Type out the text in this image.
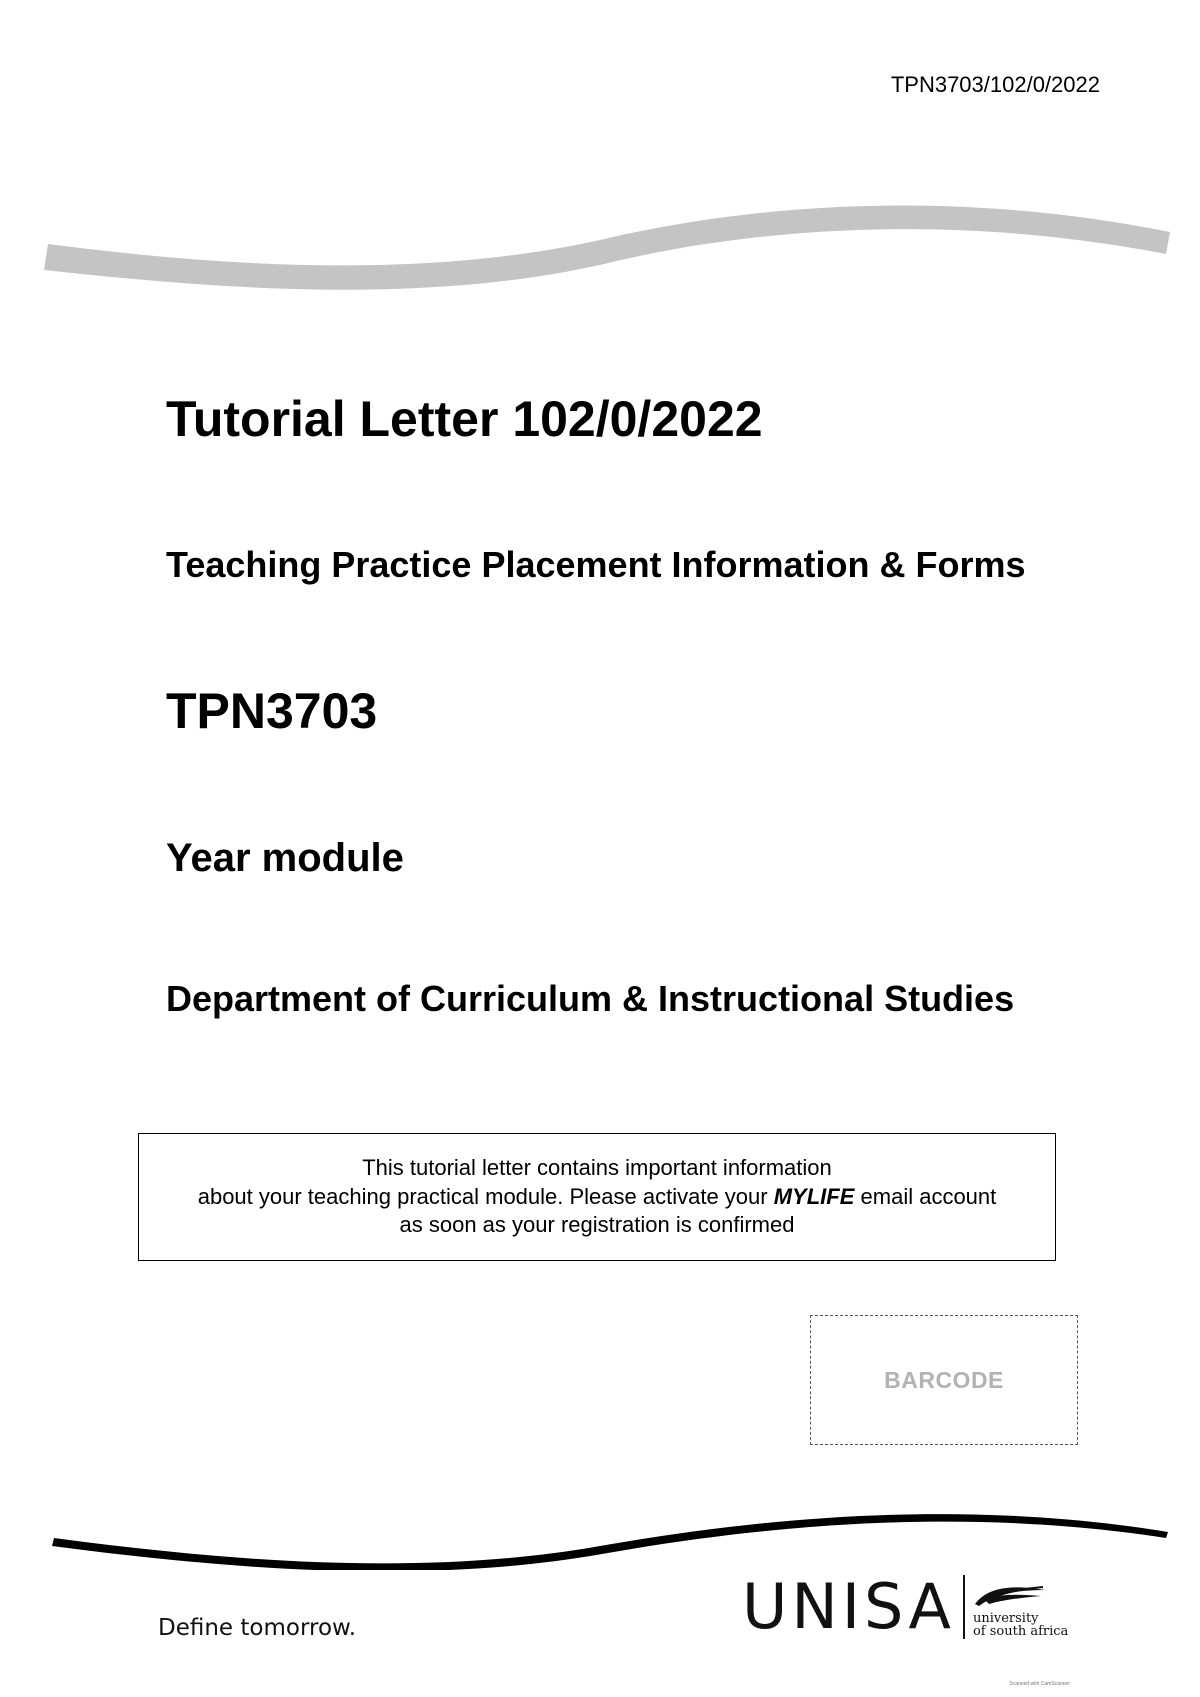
TPN3703/102/0/2022
Tutorial Letter 102/0/2022
Teaching Practice Placement Information & Forms
TPN3703
Year module
Department of Curriculum & Instructional Studies
This tutorial letter contains important information
about your teaching practical module. Please activate your MYLIFE email account
as soon as your registration is confirmed
BARCODE
Define tomorrow.	UNISA university
of south africa
Scanned with CamScanner
